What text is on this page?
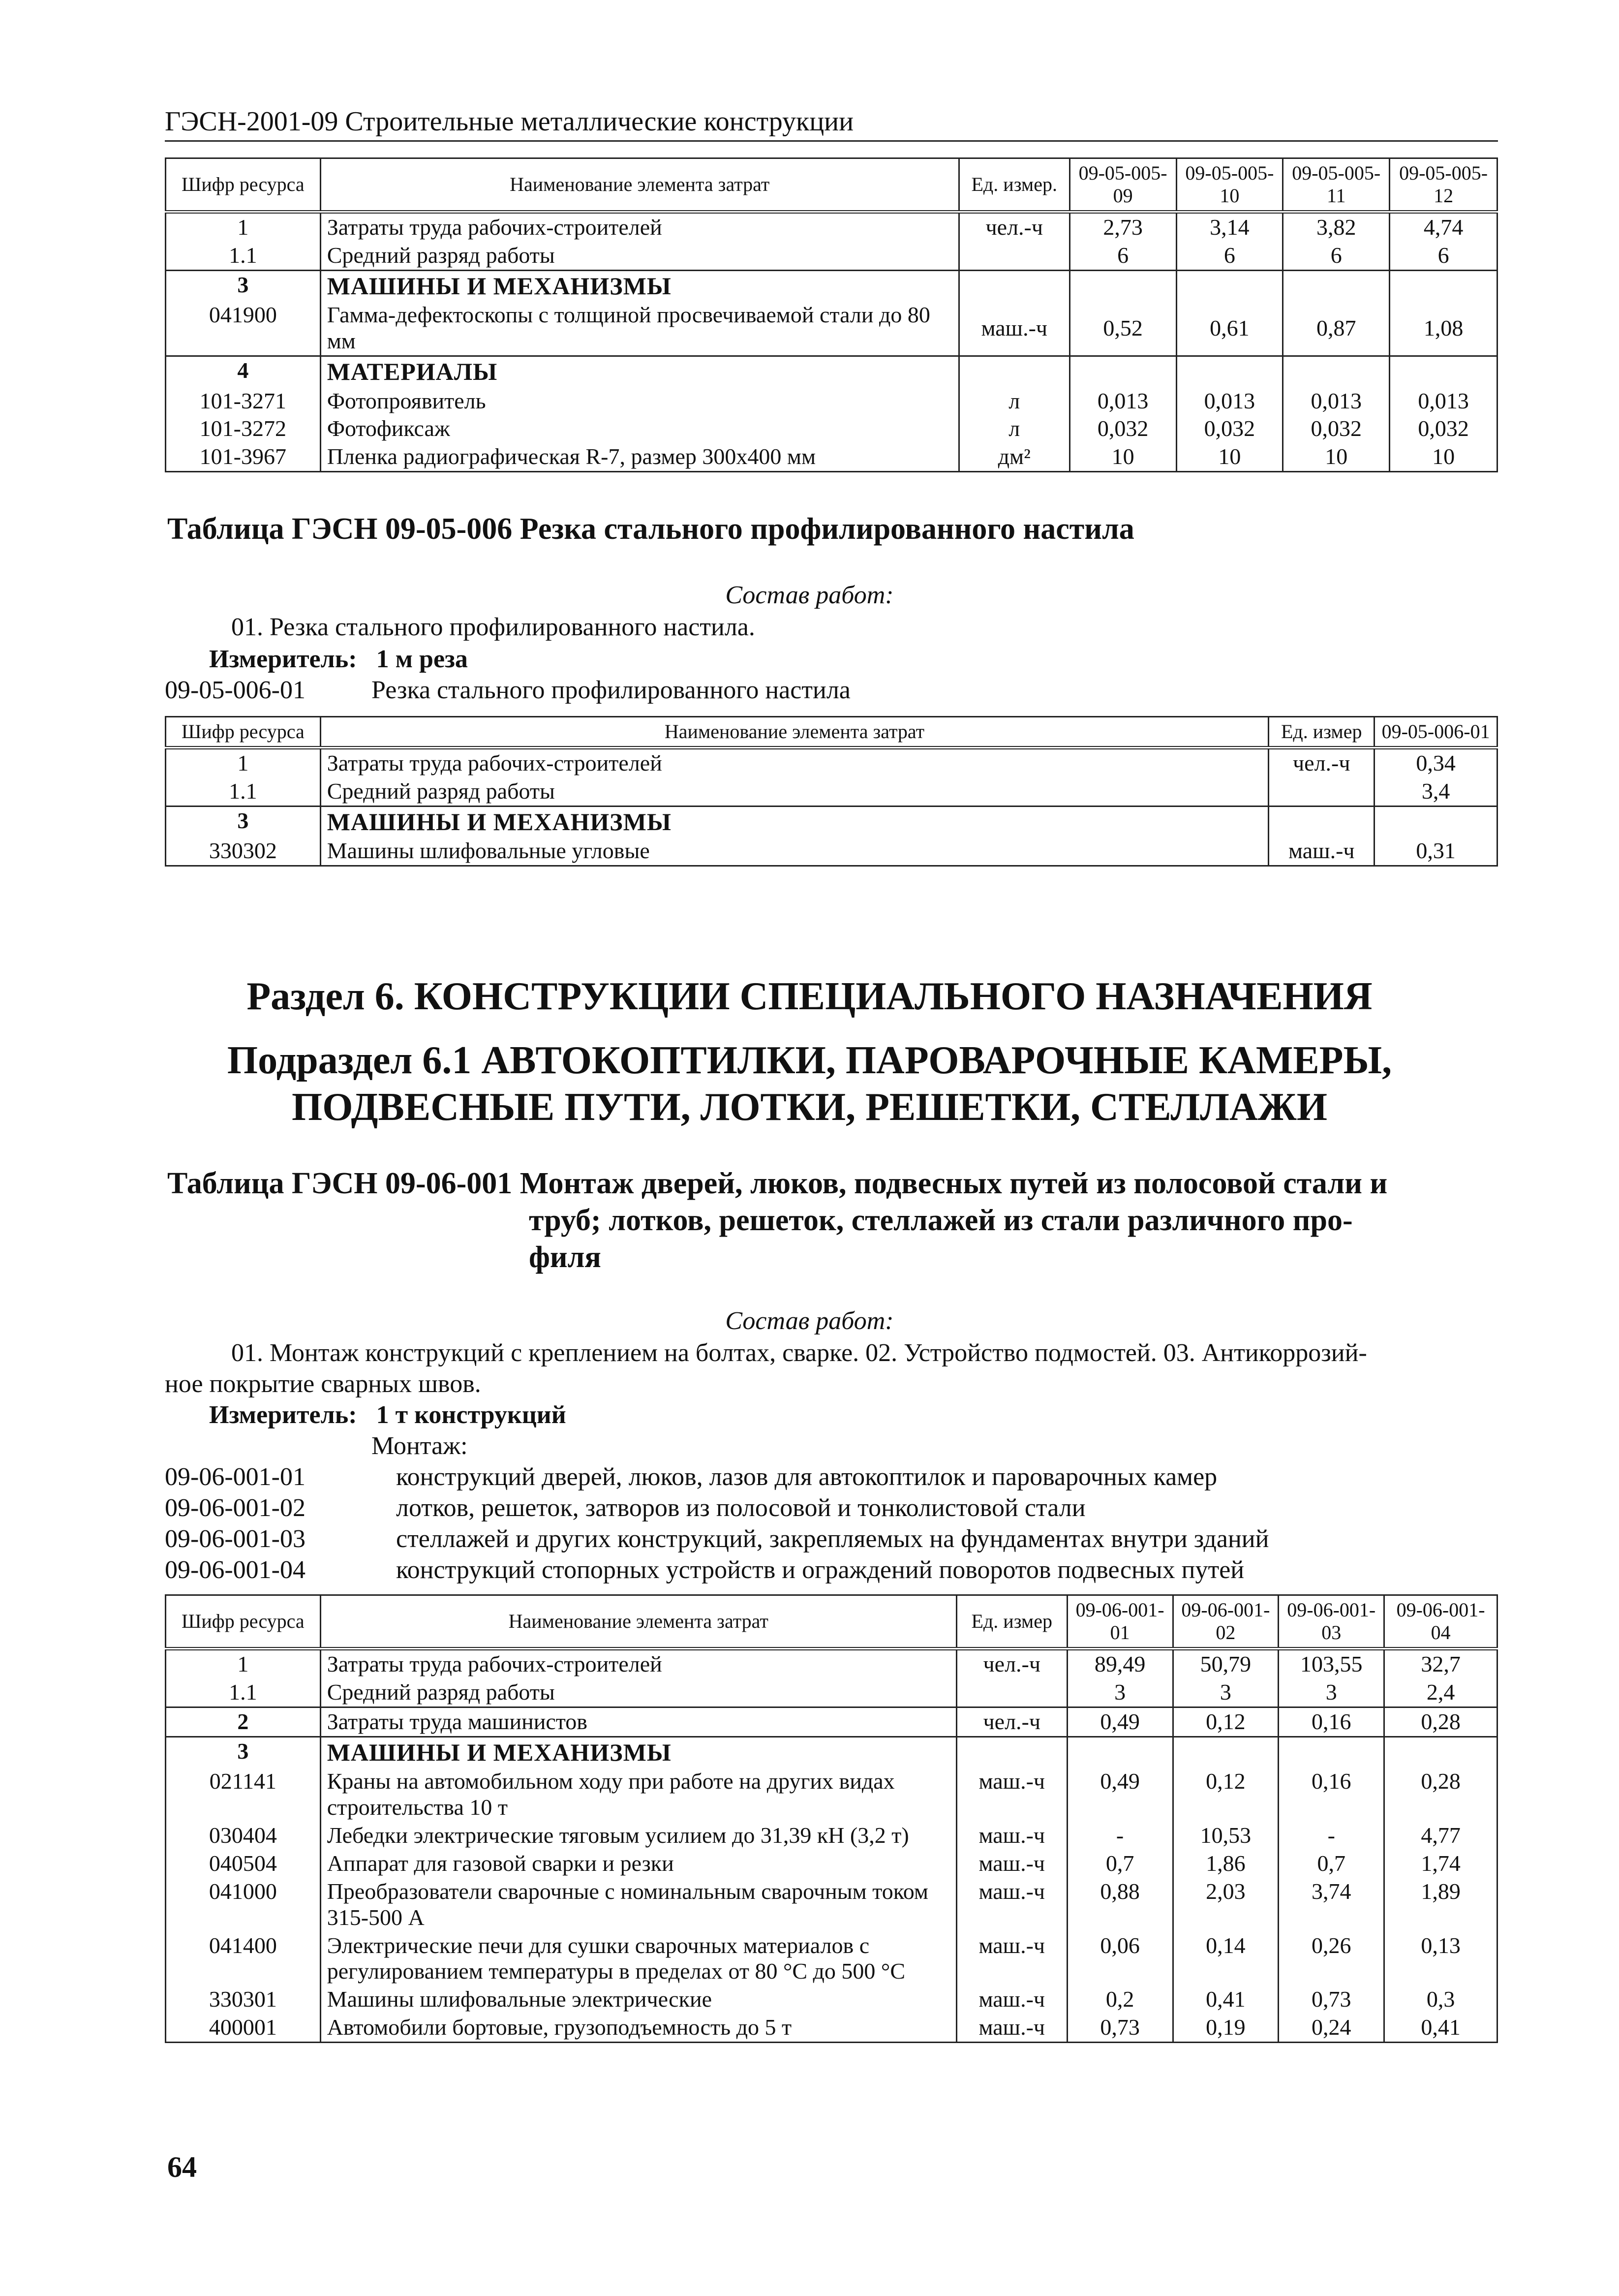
ГЭСН-2001-09 Строительные металлические конструкции
Шифр ресурса	Наименование элемента затрат	Ед. измер.	09-05-005-09	09-05-005-10	09-05-005-11	09-05-005-12
1	Затраты труда рабочих-строителей	чел.-ч	2,73	3,14	3,82	4,74
1.1	Средний разряд работы		6	6	6	6
3	МАШИНЫ И МЕХАНИЗМЫ					
041900	Гамма-дефектоскопы с толщиной просвечиваемой стали до 80 мм	маш.-ч	0,52	0,61	0,87	1,08
4	МАТЕРИАЛЫ					
101-3271	Фотопроявитель	л	0,013	0,013	0,013	0,013
101-3272	Фотофиксаж	л	0,032	0,032	0,032	0,032
101-3967	Пленка радиографическая R-7, размер 300х400 мм	дм²	10	10	10	10
Таблица ГЭСН 09-05-006 Резка стального профилированного настила
Состав работ:
01. Резка стального профилированного настила.
Измеритель: 1 м реза
09-05-006-01	Резка стального профилированного настила
Шифр ресурса	Наименование элемента затрат	Ед. измер	09-05-006-01
1	Затраты труда рабочих-строителей	чел.-ч	0,34
1.1	Средний разряд работы		3,4
3	МАШИНЫ И МЕХАНИЗМЫ		
330302	Машины шлифовальные угловые	маш.-ч	0,31
Раздел 6. КОНСТРУКЦИИ СПЕЦИАЛЬНОГО НАЗНАЧЕНИЯ
Подраздел 6.1 АВТОКОПТИЛКИ, ПАРОВАРОЧНЫЕ КАМЕРЫ,
ПОДВЕСНЫЕ ПУТИ, ЛОТКИ, РЕШЕТКИ, СТЕЛЛАЖИ
Таблица ГЭСН 09-06-001 Монтаж дверей, люков, подвесных путей из полосовой стали и
труб; лотков, решеток, стеллажей из стали различного про-
филя
Состав работ:
01. Монтаж конструкций с креплением на болтах, сварке. 02. Устройство подмостей. 03. Антикоррозий-
ное покрытие сварных швов.
Измеритель: 1 т конструкций
Монтаж:
09-06-001-01	конструкций дверей, люков, лазов для автокоптилок и пароварочных камер
09-06-001-02	лотков, решеток, затворов из полосовой и тонколистовой стали
09-06-001-03	стеллажей и других конструкций, закрепляемых на фундаментах внутри зданий
09-06-001-04	конструкций стопорных устройств и ограждений поворотов подвесных путей
Шифр ресурса	Наименование элемента затрат	Ед. измер	09-06-001-01	09-06-001-02	09-06-001-03	09-06-001-04
1	Затраты труда рабочих-строителей	чел.-ч	89,49	50,79	103,55	32,7
1.1	Средний разряд работы		3	3	3	2,4
2	Затраты труда машинистов	чел.-ч	0,49	0,12	0,16	0,28
3	МАШИНЫ И МЕХАНИЗМЫ					
021141	Краны на автомобильном ходу при работе на других видах строительства 10 т	маш.-ч	0,49	0,12	0,16	0,28
030404	Лебедки электрические тяговым усилием до 31,39 кН (3,2 т)	маш.-ч	-	10,53	-	4,77
040504	Аппарат для газовой сварки и резки	маш.-ч	0,7	1,86	0,7	1,74
041000	Преобразователи сварочные с номинальным сварочным током 315-500 А	маш.-ч	0,88	2,03	3,74	1,89
041400	Электрические печи для сушки сварочных материалов с регулированием температуры в пределах от 80 °С до 500 °С	маш.-ч	0,06	0,14	0,26	0,13
330301	Машины шлифовальные электрические	маш.-ч	0,2	0,41	0,73	0,3
400001	Автомобили бортовые, грузоподъемность до 5 т	маш.-ч	0,73	0,19	0,24	0,41
64
